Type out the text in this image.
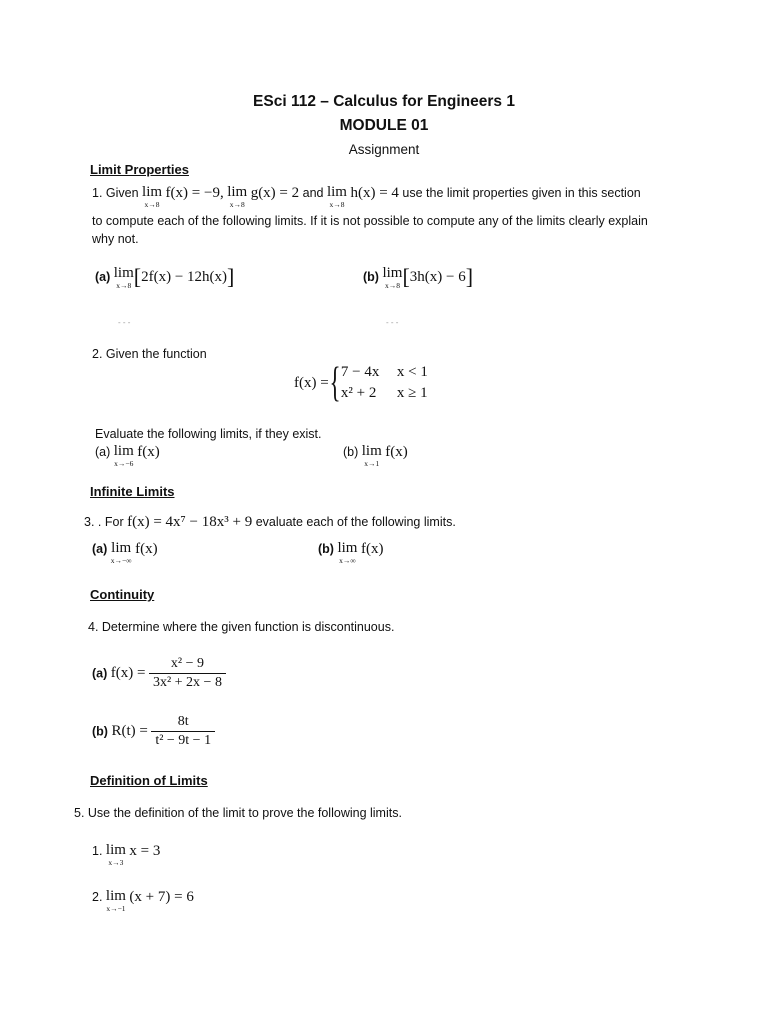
ESci 112 – Calculus for Engineers 1
MODULE 01
Assignment
Limit Properties
1. Given lim
x→8
f(x) = −9, lim
x→8
g(x) = 2 and lim
x→8
h(x) = 4 use the limit properties given in this section
to compute each of the following limits. If it is not possible to compute any of the limits clearly explain
why not.
(a) lim
x→8 [2f(x) − 12h(x)]	(b) lim
x→8 [3h(x) − 6]
- - -	- - -
2. Given the function
f(x) ={ 7 − 4x x < 1
x² + 2 x ≥ 1
Evaluate the following limits, if they exist.
(a) lim
x→−6
f(x)	(b) lim
x→1
f(x)
Infinite Limits
3. . For f(x) = 4x⁷ − 18x³ + 9 evaluate each of the following limits.
(a) lim
x→−∞
f(x)	(b) lim
x→∞
f(x)
Continuity
4. Determine where the given function is discontinuous.
(a) $f(x) = \frac{\text{x² − 9}}{\text{3x² + 2x − 8}}$
(b) $R(t) = \frac{8t}{\text{t² − 9t − 1}}$
Definition of Limits
5. Use the definition of the limit to prove the following limits.
1. lim
x→3
x = 3
2. lim
x→−1
(x + 7) = 6
